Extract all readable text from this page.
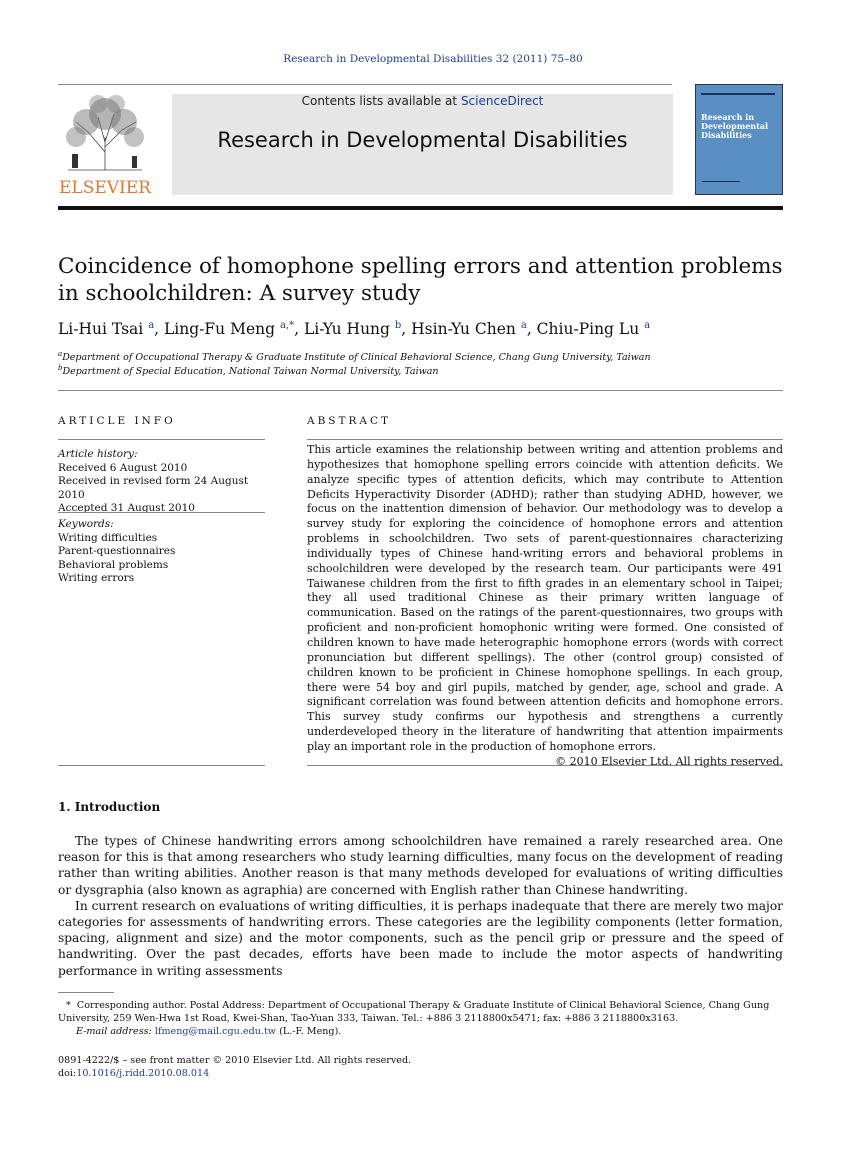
Research in Developmental Disabilities 32 (2011) 75–80
ELSEVIER
Contents lists available at ScienceDirect
Research in Developmental Disabilities
Research in Developmental Disabilities
Coincidence of homophone spelling errors and attention problems in schoolchildren: A survey study
Li-Hui Tsai $^a$, Ling-Fu Meng $^{a,*}$, Li-Yu Hung $^b$, Hsin-Yu Chen $^a$, Chiu-Ping Lu $^a$
$^a$Department of Occupational Therapy & Graduate Institute of Clinical Behavioral Science, Chang Gung University, Taiwan
$^b$Department of Special Education, National Taiwan Normal University, Taiwan
ARTICLE INFO
Article history:
Received 6 August 2010
Received in revised form 24 August 2010
Accepted 31 August 2010
Keywords:
Writing difficulties
Parent-questionnaires
Behavioral problems
Writing errors
ABSTRACT
This article examines the relationship between writing and attention problems and hypothesizes that homophone spelling errors coincide with attention deficits. We analyze specific types of attention deficits, which may contribute to Attention Deficits Hyperactivity Disorder (ADHD); rather than studying ADHD, however, we focus on the inattention dimension of behavior. Our methodology was to develop a survey study for exploring the coincidence of homophone errors and attention problems in schoolchildren. Two sets of parent-questionnaires characterizing individually types of Chinese hand-writing errors and behavioral problems in schoolchildren were developed by the research team. Our participants were 491 Taiwanese children from the first to fifth grades in an elementary school in Taipei; they all used traditional Chinese as their primary written language of communication. Based on the ratings of the parent-questionnaires, two groups with proficient and non-proficient homophonic writing were formed. One consisted of children known to have made heterographic homophone errors (words with correct pronunciation but different spellings). The other (control group) consisted of children known to be proficient in Chinese homophone spellings. In each group, there were 54 boy and girl pupils, matched by gender, age, school and grade. A significant correlation was found between attention deficits and homophone errors. This survey study confirms our hypothesis and strengthens a currently underdeveloped theory in the literature of handwriting that attention impairments play an important role in the production of homophone errors.
© 2010 Elsevier Ltd. All rights reserved.
1. Introduction

The types of Chinese handwriting errors among schoolchildren have remained a rarely researched area. One reason for this is that among researchers who study learning difficulties, many focus on the development of reading rather than writing abilities. Another reason is that many methods developed for evaluations of writing difficulties or dysgraphia (also known as agraphia) are concerned with English rather than Chinese handwriting.

In current research on evaluations of writing difficulties, it is perhaps inadequate that there are merely two major categories for assessments of handwriting errors. These categories are the legibility components (letter formation, spacing, alignment and size) and the motor components, such as the pencil grip or pressure and the speed of handwriting. Over the past decades, efforts have been made to include the motor aspects of handwriting performance in writing assessments

* Corresponding author. Postal Address: Department of Occupational Therapy & Graduate Institute of Clinical Behavioral Science, Chang Gung University, 259 Wen-Hwa 1st Road, Kwei-Shan, Tao-Yuan 333, Taiwan. Tel.: +886 3 2118800x5471; fax: +886 3 2118800x3163.
E-mail address: lfmeng@mail.cgu.edu.tw (L.-F. Meng).
0891-4222/$ – see front matter © 2010 Elsevier Ltd. All rights reserved.
doi:10.1016/j.ridd.2010.08.014
